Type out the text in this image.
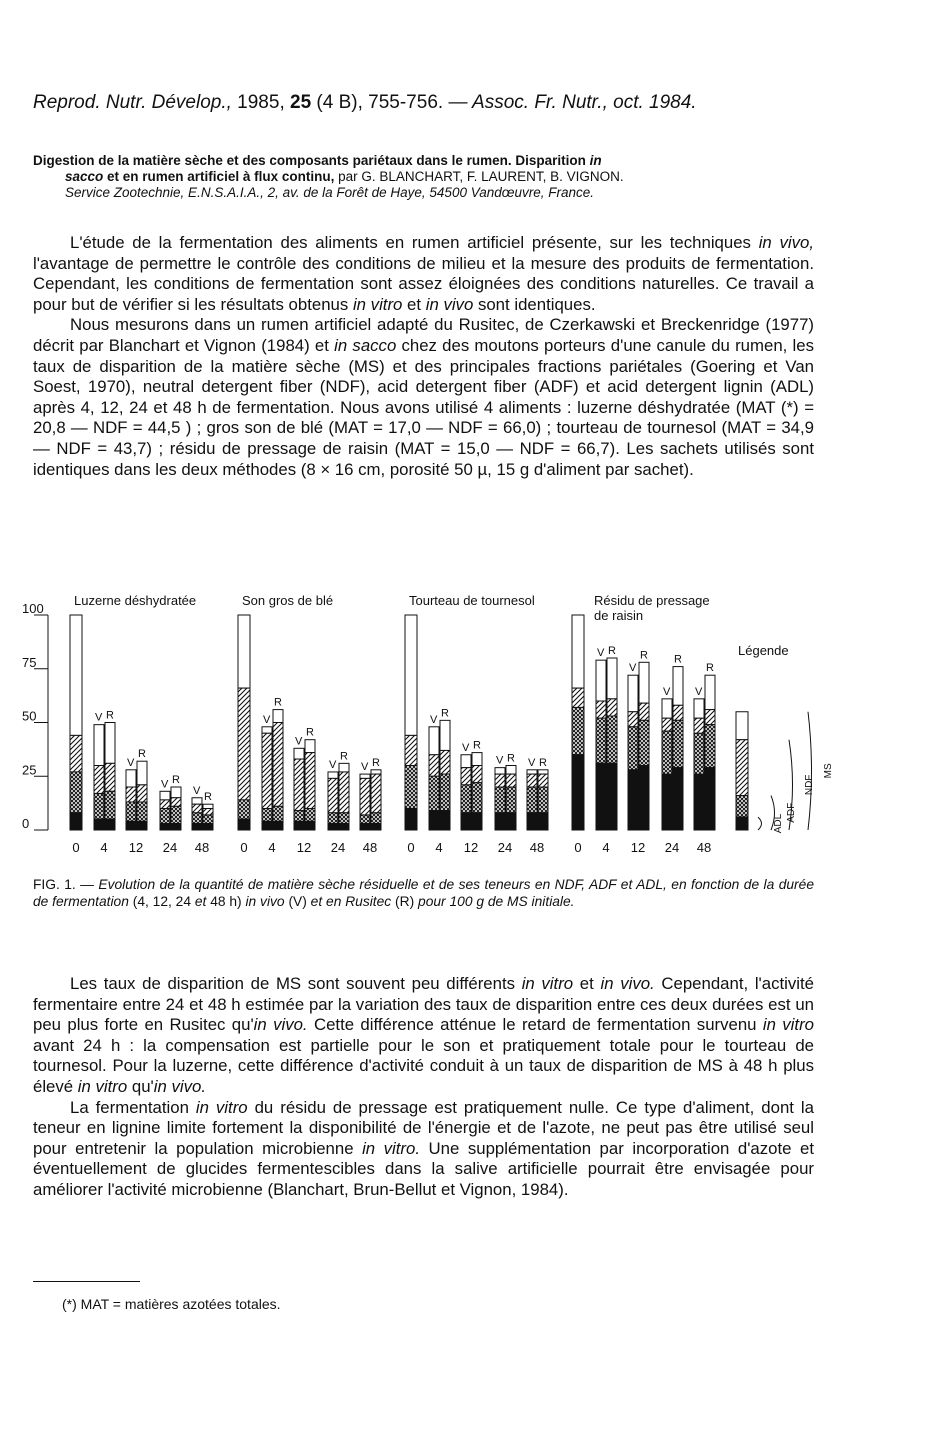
Reprod. Nutr. Dévelop., 1985, 25 (4 B), 755-756. — Assoc. Fr. Nutr., oct. 1984.
Digestion de la matière sèche et des composants pariétaux dans le rumen. Disparition in
sacco et en rumen artificiel à flux continu, par G. BLANCHART, F. LAURENT, B. VIGNON.
Service Zootechnie, E.N.S.A.I.A., 2, av. de la Forêt de Haye, 54500 Vandœuvre, France.

L'étude de la fermentation des aliments en rumen artificiel présente, sur les techniques in vivo, l'avantage de permettre le contrôle des conditions de milieu et la mesure des produits de fermentation. Cependant, les conditions de fermentation sont assez éloignées des conditions naturelles. Ce travail a pour but de vérifier si les résultats obtenus in vitro et in vivo sont identiques.

Nous mesurons dans un rumen artificiel adapté du Rusitec, de Czerkawski et Breckenridge (1977) décrit par Blanchart et Vignon (1984) et in sacco chez des moutons porteurs d'une canule du rumen, les taux de disparition de la matière sèche (MS) et des principales fractions pariétales (Goering et Van Soest, 1970), neutral detergent fiber (NDF), acid detergent fiber (ADF) et acid detergent lignin (ADL) après 4, 12, 24 et 48 h de fermentation. Nous avons utilisé 4 aliments : luzerne déshydratée (MAT (*) = 20,8 — NDF = 44,5 ) ; gros son de blé (MAT = 17,0 — NDF = 66,0) ; tourteau de tournesol (MAT = 34,9 — NDF = 43,7) ; résidu de pressage de raisin (MAT = 15,0 — NDF = 66,7). Les sachets utilisés sont identiques dans les deux méthodes (8 × 16 cm, porosité 50 µ, 15 g d'aliment par sachet).

0
25
50
75
100
Luzerne déshydratée
V R
V
R
V R
V
R
0 4 12 24 48
Son gros de blé
V
R
V
R
V
R
V R
0 4 12 24 48
Tourteau de tournesol
V
R
V R
V R V R
0 4 12 24 48
Résidu de pressage
de raisin
V R
V
R
V
R
V
R
0 4 12 24 48
Légende
ADL
ADF
NDF
MS
FIG. 1. — Evolution de la quantité de matière sèche résiduelle et de ses teneurs en NDF, ADF et ADL, en fonction de la durée de fermentation (4, 12, 24 et 48 h) in vivo (V) et en Rusitec (R) pour 100 g de MS initiale.

Les taux de disparition de MS sont souvent peu différents in vitro et in vivo. Cependant, l'activité fermentaire entre 24 et 48 h estimée par la variation des taux de disparition entre ces deux durées est un peu plus forte en Rusitec qu'in vivo. Cette différence atténue le retard de fermentation survenu in vitro avant 24 h : la compensation est partielle pour le son et pratiquement totale pour le tourteau de tournesol. Pour la luzerne, cette différence d'activité conduit à un taux de disparition de MS à 48 h plus élevé in vitro qu'in vivo.

La fermentation in vitro du résidu de pressage est pratiquement nulle. Ce type d'aliment, dont la teneur en lignine limite fortement la disponibilité de l'énergie et de l'azote, ne peut pas être utilisé seul pour entretenir la population microbienne in vitro. Une supplémentation par incorporation d'azote et éventuellement de glucides fermentescibles dans la salive artificielle pourrait être envisagée pour améliorer l'activité microbienne (Blanchart, Brun-Bellut et Vignon, 1984).

(*) MAT = matières azotées totales.
